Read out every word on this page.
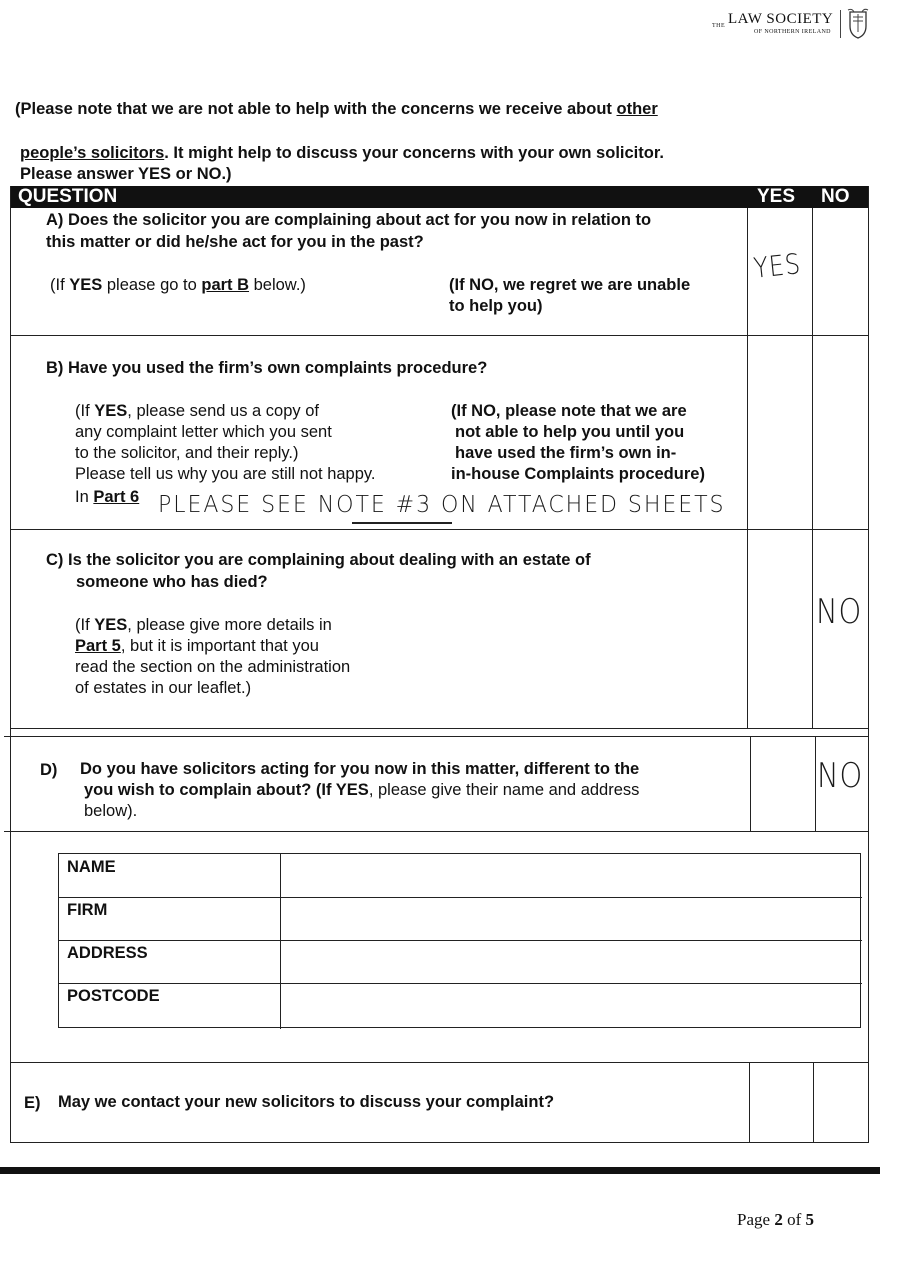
THE LAW SOCIETY
OF NORTHERN IRELAND
(Please note that we are not able to help with the concerns we receive about other
people’s solicitors. It might help to discuss your concerns with your own solicitor.
Please answer YES or NO.)
QUESTION	YES NO
A) Does the solicitor you are complaining about act for you now in relation to
this matter or did he/she act for you in the past?
(If YES please go to part B below.)	(If NO, we regret we are unable
to help you)
YES
B) Have you used the firm’s own complaints procedure?
(If YES, please send us a copy of
any complaint letter which you sent
to the solicitor, and their reply.)
Please tell us why you are still not happy.
In Part 6
(If NO, please note that we are
not able to help you until you
have used the firm’s own in-
in-house Complaints procedure)
PLEASE SEE NOTE #3 ON ATTACHED SHEETS
C) Is the solicitor you are complaining about dealing with an estate of
someone who has died?
(If YES, please give more details in
Part 5, but it is important that you
read the section on the administration
of estates in our leaflet.)
NO
D) Do you have solicitors acting for you now in this matter, different to the
you wish to complain about? (If YES, please give their name and address
below).
NO
NAME
FIRM
ADDRESS
POSTCODE
E) May we contact your new solicitors to discuss your complaint?
Page 2 of 5
